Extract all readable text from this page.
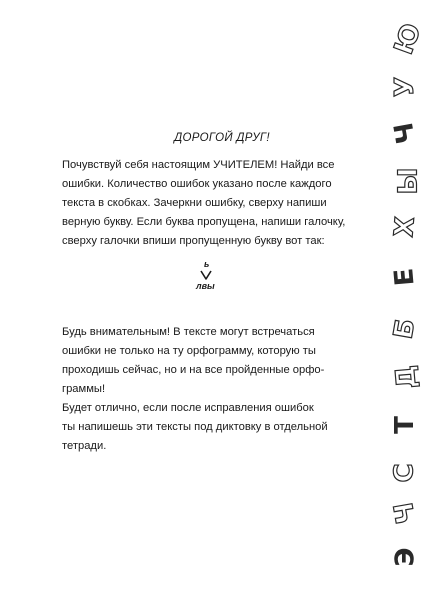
Ю
У
Ч
Ы
Х
Е
Б
Д
Т
С
Ч
Э

ДОРОГОЙ ДРУГ!

Почувствуй себя настоящим УЧИТЕЛЕМ! Найди все

ошибки. Количество ошибок указано после каждого

текста в скобках. Зачеркни ошибку, сверху напиши

верную букву. Если буква пропущена, напиши галочку,

сверху галочки впиши пропущенную букву вот так:

ь
лвы

Будь внимательным! В тексте могут встречаться

ошибки не только на ту орфограмму, которую ты

проходишь сейчас, но и на все пройденные орфо-

граммы!

Будет отлично, если после исправления ошибок

ты напишешь эти тексты под диктовку в отдельной

тетради.
